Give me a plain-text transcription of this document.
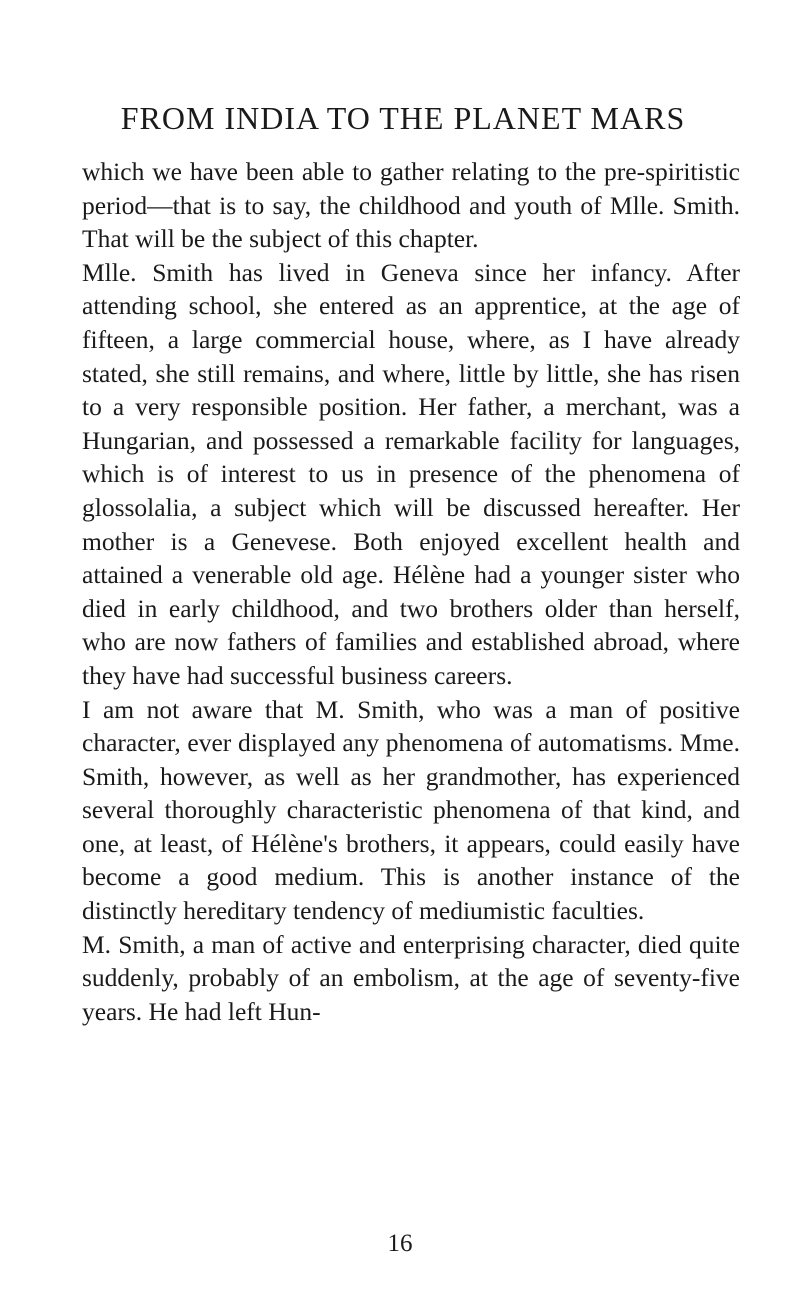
FROM INDIA TO THE PLANET MARS

which we have been able to gather relating to the pre-spiritistic period—that is to say, the childhood and youth of Mlle. Smith. That will be the subject of this chapter.

Mlle. Smith has lived in Geneva since her infancy. After attending school, she entered as an apprentice, at the age of fifteen, a large commercial house, where, as I have already stated, she still remains, and where, little by little, she has risen to a very responsible position. Her father, a merchant, was a Hungarian, and possessed a remarkable facility for languages, which is of interest to us in presence of the phenomena of glossolalia, a subject which will be discussed hereafter. Her mother is a Genevese. Both enjoyed excellent health and attained a venerable old age. Hélène had a younger sister who died in early childhood, and two brothers older than herself, who are now fathers of families and established abroad, where they have had successful business careers.

I am not aware that M. Smith, who was a man of positive character, ever displayed any phenomena of automatisms. Mme. Smith, however, as well as her grandmother, has experienced several thoroughly characteristic phenomena of that kind, and one, at least, of Hélène's brothers, it appears, could easily have become a good medium. This is another instance of the distinctly hereditary tendency of mediumistic faculties.

M. Smith, a man of active and enterprising character, died quite suddenly, probably of an embolism, at the age of seventy-five years. He had left Hun-

16
